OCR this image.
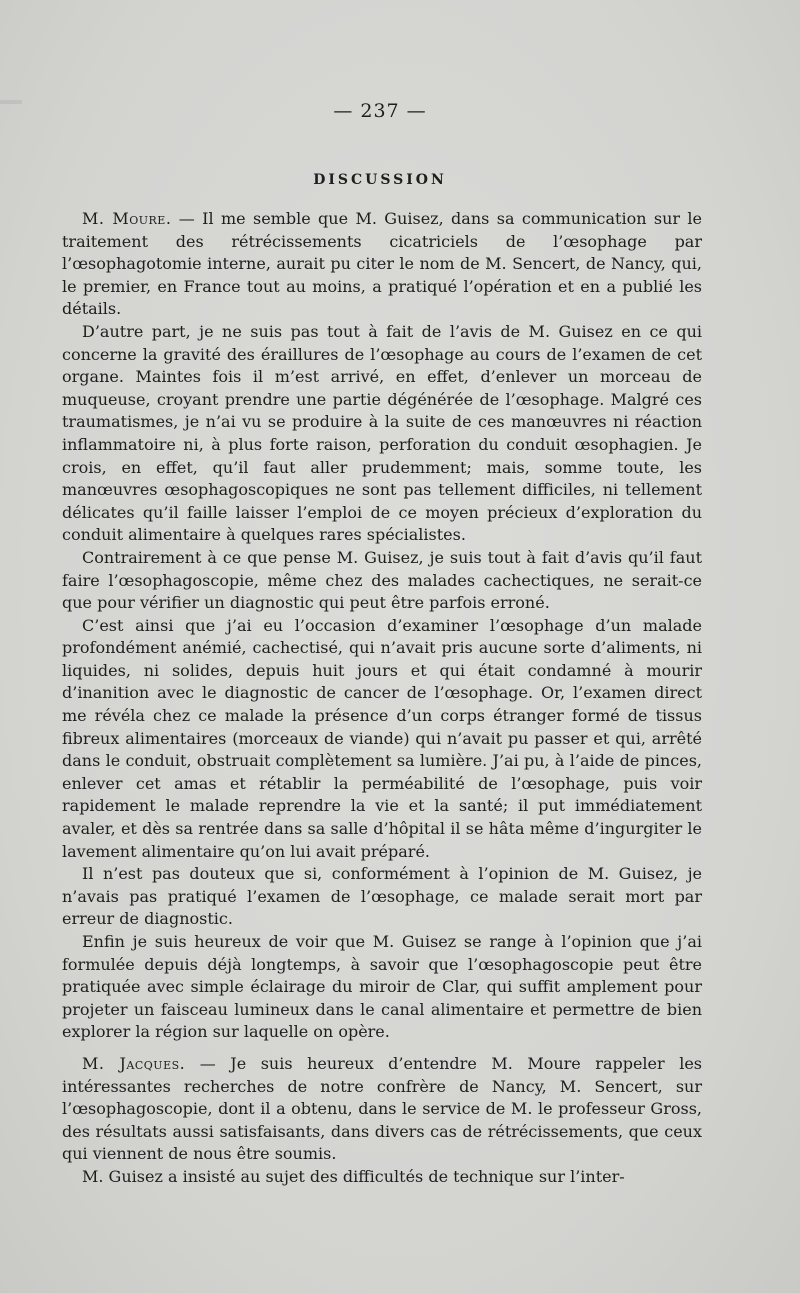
— 237 —
DISCUSSION

M. Moure. — Il me semble que M. Guisez, dans sa communication sur le traitement des rétrécissements cicatriciels de l’œsophage par l’œsophagotomie interne, aurait pu citer le nom de M. Sencert, de Nancy, qui, le premier, en France tout au moins, a pratiqué l’opération et en a publié les détails.

D’autre part, je ne suis pas tout à fait de l’avis de M. Guisez en ce qui concerne la gravité des éraillures de l’œsophage au cours de l’examen de cet organe. Maintes fois il m’est arrivé, en effet, d’enlever un morceau de muqueuse, croyant prendre une partie dégénérée de l’œsophage. Malgré ces traumatismes, je n’ai vu se produire à la suite de ces manœuvres ni réaction inflammatoire ni, à plus forte raison, perforation du conduit œsophagien. Je crois, en effet, qu’il faut aller prudemment; mais, somme toute, les manœuvres œsophagoscopiques ne sont pas tellement difficiles, ni tellement délicates qu’il faille laisser l’emploi de ce moyen précieux d’exploration du conduit alimentaire à quelques rares spécialistes.

Contrairement à ce que pense M. Guisez, je suis tout à fait d’avis qu’il faut faire l’œsophagoscopie, même chez des malades cachectiques, ne serait-ce que pour vérifier un diagnostic qui peut être parfois erroné.

C’est ainsi que j’ai eu l’occasion d’examiner l’œsophage d’un malade profondément anémié, cachectisé, qui n’avait pris aucune sorte d’aliments, ni liquides, ni solides, depuis huit jours et qui était condamné à mourir d’inanition avec le diagnostic de cancer de l’œsophage. Or, l’examen direct me révéla chez ce malade la présence d’un corps étranger formé de tissus fibreux alimentaires (morceaux de viande) qui n’avait pu passer et qui, arrêté dans le conduit, obstruait complètement sa lumière. J’ai pu, à l’aide de pinces, enlever cet amas et rétablir la perméabilité de l’œsophage, puis voir rapidement le malade reprendre la vie et la santé; il put immédiatement avaler, et dès sa rentrée dans sa salle d’hôpital il se hâta même d’ingurgiter le lavement alimentaire qu’on lui avait préparé.

Il n’est pas douteux que si, conformément à l’opinion de M. Guisez, je n’avais pas pratiqué l’examen de l’œsophage, ce malade serait mort par erreur de diagnostic.

Enfin je suis heureux de voir que M. Guisez se range à l’opinion que j’ai formulée depuis déjà longtemps, à savoir que l’œsophagoscopie peut être pratiquée avec simple éclairage du miroir de Clar, qui suffit amplement pour projeter un faisceau lumineux dans le canal alimentaire et permettre de bien explorer la région sur laquelle on opère.

M. Jacques. — Je suis heureux d’entendre M. Moure rappeler les intéressantes recherches de notre confrère de Nancy, M. Sencert, sur l’œsophagoscopie, dont il a obtenu, dans le service de M. le professeur Gross, des résultats aussi satisfaisants, dans divers cas de rétrécissements, que ceux qui viennent de nous être soumis.

M. Guisez a insisté au sujet des difficultés de technique sur l’inter-
